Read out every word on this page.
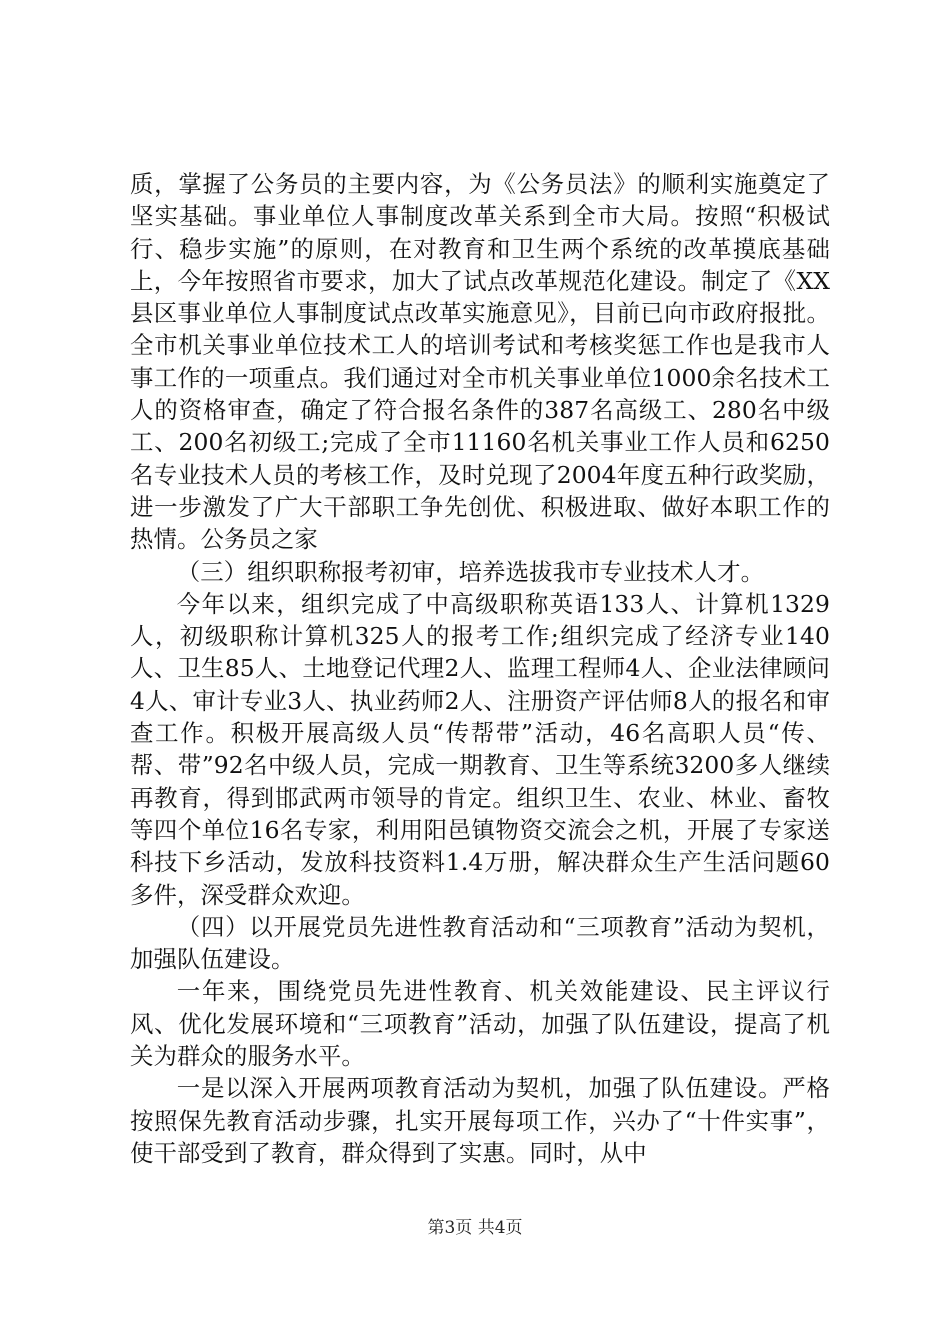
质，掌握了公务员的主要内容，为《公务员法》的顺利实施奠定了坚实基础。事业单位人事制度改革关系到全市大局。按照“积极试行、稳步实施”的原则，在对教育和卫生两个系统的改革摸底基础上，今年按照省市要求，加大了试点改革规范化建设。制定了《XX县区事业单位人事制度试点改革实施意见》，目前已向市政府报批。全市机关事业单位技术工人的培训考试和考核奖惩工作也是我市人事工作的一项重点。我们通过对全市机关事业单位1000余名技术工人的资格审查，确定了符合报名条件的387名高级工、280名中级工、200名初级工;完成了全市11160名机关事业工作人员和6250名专业技术人员的考核工作，及时兑现了2004年度五种行政奖励，进一步激发了广大干部职工争先创优、积极进取、做好本职工作的热情。公务员之家

（三）组织职称报考初审，培养选拔我市专业技术人才。

今年以来，组织完成了中高级职称英语133人、计算机1329人，初级职称计算机325人的报考工作;组织完成了经济专业140人、卫生85人、土地登记代理2人、监理工程师4人、企业法律顾问4人、审计专业3人、执业药师2人、注册资产评估师8人的报名和审查工作。积极开展高级人员“传帮带”活动，46名高职人员“传、帮、带”92名中级人员，完成一期教育、卫生等系统3200多人继续再教育，得到邯武两市领导的肯定。组织卫生、农业、林业、畜牧等四个单位16名专家，利用阳邑镇物资交流会之机，开展了专家送科技下乡活动，发放科技资料1.4万册，解决群众生产生活问题60多件，深受群众欢迎。

（四）以开展党员先进性教育活动和“三项教育”活动为契机，加强队伍建设。

一年来，围绕党员先进性教育、机关效能建设、民主评议行风、优化发展环境和“三项教育”活动，加强了队伍建设，提高了机关为群众的服务水平。

一是以深入开展两项教育活动为契机，加强了队伍建设。严格按照保先教育活动步骤，扎实开展每项工作，兴办了“十件实事”，使干部受到了教育，群众得到了实惠。同时，从中

第3页 共4页
